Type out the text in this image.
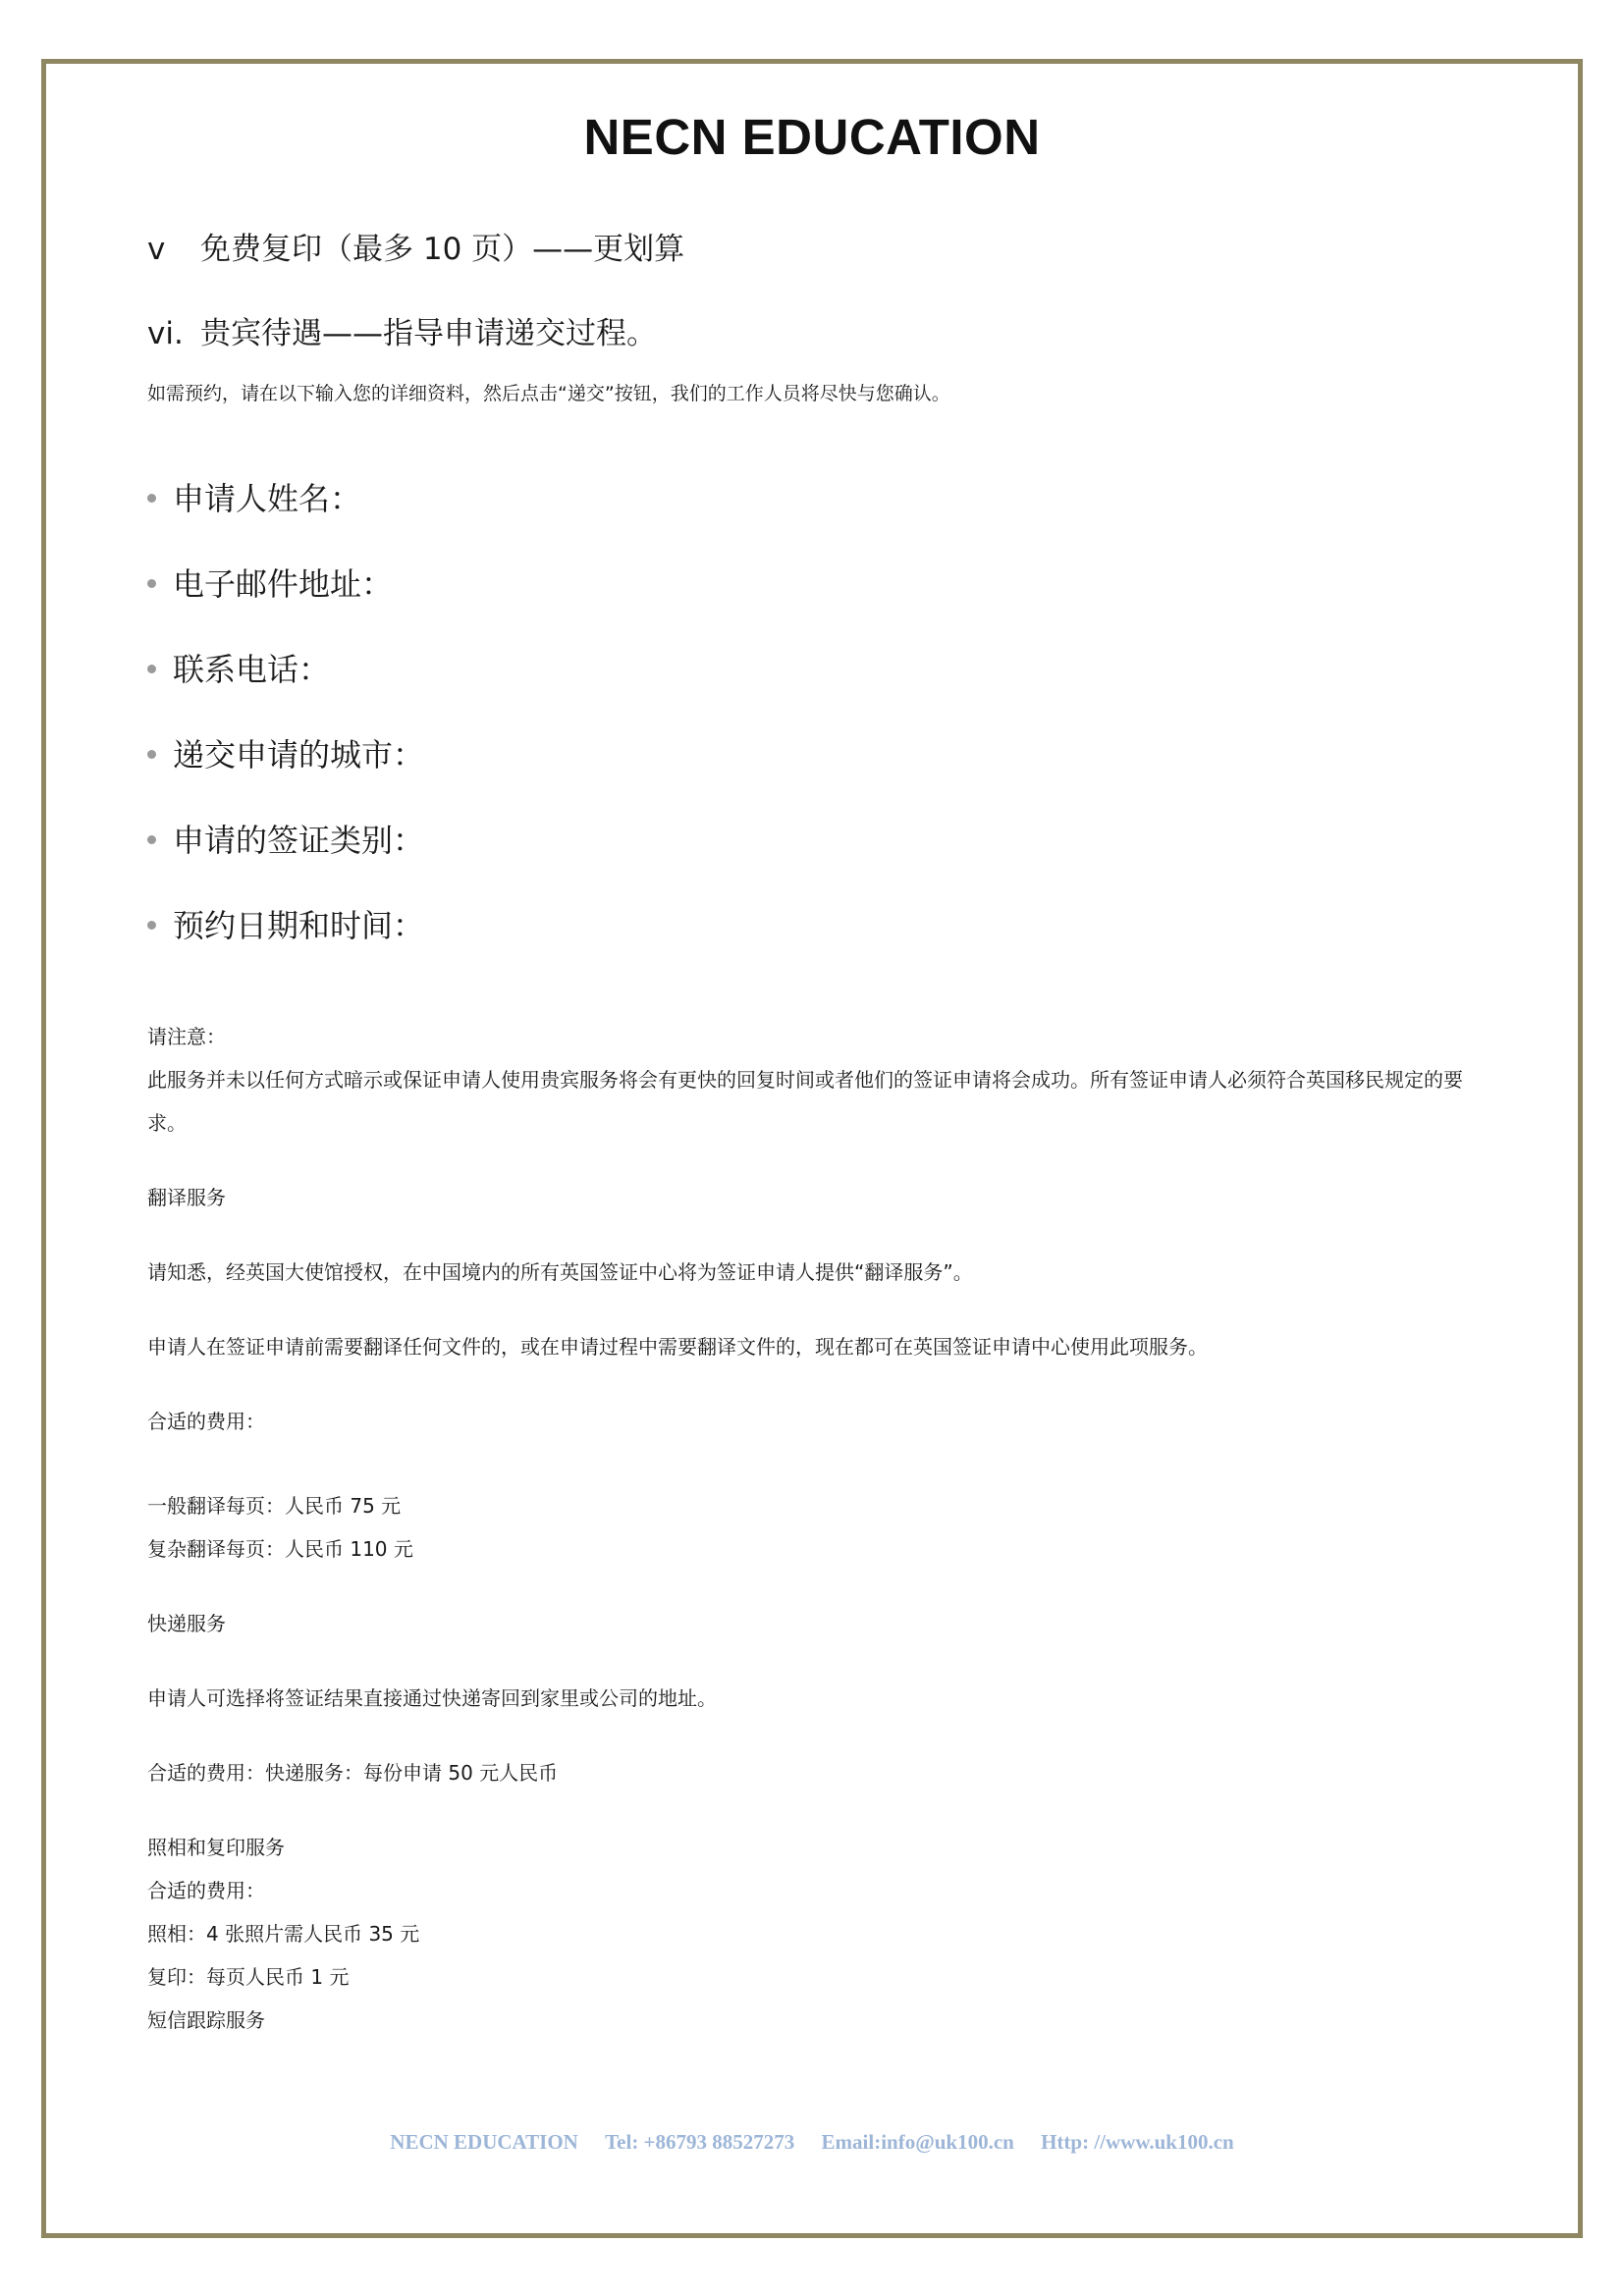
NECN EDUCATION
v 免费复印（最多 10 页）——更划算
vi. 贵宾待遇——指导申请递交过程。
如需预约，请在以下输入您的详细资料，然后点击“递交”按钮，我们的工作人员将尽快与您确认。
申请人姓名：
电子邮件地址：
联系电话：
递交申请的城市：
申请的签证类别：
预约日期和时间：

请注意：

此服务并未以任何方式暗示或保证申请人使用贵宾服务将会有更快的回复时间或者他们的签证申请将会成功。所有签证申请人必须符合英国移民规定的要求。

翻译服务

请知悉，经英国大使馆授权，在中国境内的所有英国签证中心将为签证申请人提供“翻译服务”。

申请人在签证申请前需要翻译任何文件的，或在申请过程中需要翻译文件的，现在都可在英国签证申请中心使用此项服务。

合适的费用：

一般翻译每页：人民币 75 元

复杂翻译每页：人民币 110 元

快递服务

申请人可选择将签证结果直接通过快递寄回到家里或公司的地址。

合适的费用：快递服务：每份申请 50 元人民币

照相和复印服务

合适的费用：

照相：4 张照片需人民币 35 元

复印：每页人民币 1 元

短信跟踪服务

NECN EDUCATION Tel: +86793 88527273 Email:info@uk100.cn Http: //www.uk100.cn
